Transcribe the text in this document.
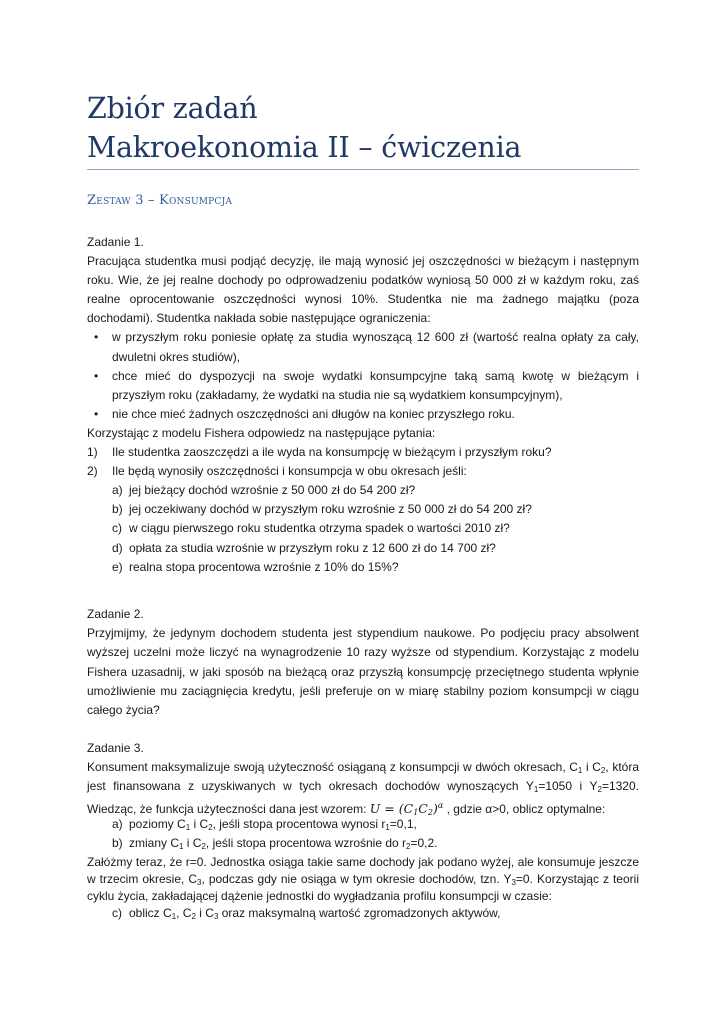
Zbiór zadań
Makroekonomia II – ćwiczenia
Zestaw 3 – Konsumpcja
Zadanie 1.
Pracująca studentka musi podjąć decyzję, ile mają wynosić jej oszczędności w bieżącym i następnym
roku. Wie, że jej realne dochody po odprowadzeniu podatków wyniosą 50 000 zł w każdym roku, zaś
realne oprocentowanie oszczędności wynosi 10%. Studentka nie ma żadnego majątku (poza
dochodami). Studentka nakłada sobie następujące ograniczenia:
• w przyszłym roku poniesie opłatę za studia wynoszącą 12 600 zł (wartość realna opłaty za cały,
dwuletni okres studiów),
• chce mieć do dyspozycji na swoje wydatki konsumpcyjne taką samą kwotę w bieżącym i
przyszłym roku (zakładamy, że wydatki na studia nie są wydatkiem konsumpcyjnym),
• nie chce mieć żadnych oszczędności ani długów na koniec przyszłego roku.
Korzystając z modelu Fishera odpowiedz na następujące pytania:
1) Ile studentka zaoszczędzi a ile wyda na konsumpcję w bieżącym i przyszłym roku?
2) Ile będą wynosiły oszczędności i konsumpcja w obu okresach jeśli:
a) jej bieżący dochód wzrośnie z 50 000 zł do 54 200 zł?
b) jej oczekiwany dochód w przyszłym roku wzrośnie z 50 000 zł do 54 200 zł?
c) w ciągu pierwszego roku studentka otrzyma spadek o wartości 2010 zł?
d) opłata za studia wzrośnie w przyszłym roku z 12 600 zł do 14 700 zł?
e) realna stopa procentowa wzrośnie z 10% do 15%?
Zadanie 2.
Przyjmijmy, że jedynym dochodem studenta jest stypendium naukowe. Po podjęciu pracy absolwent
wyższej uczelni może liczyć na wynagrodzenie 10 razy wyższe od stypendium. Korzystając z modelu
Fishera uzasadnij, w jaki sposób na bieżącą oraz przyszłą konsumpcję przeciętnego studenta wpłynie
umożliwienie mu zaciągnięcia kredytu, jeśli preferuje on w miarę stabilny poziom konsumpcji w ciągu
całego życia?
Zadanie 3.
Konsument maksymalizuje swoją użyteczność osiąganą z konsumpcji w dwóch okresach, $C_1$ i $C_2$, która
jest finansowana z uzyskiwanych w tych okresach dochodów wynoszących $Y_1=1050$ i $Y_2=1320$.
Wiedząc, że funkcja użyteczności dana jest wzorem: $U = (C_1C_2)^\alpha$ , gdzie α>0, oblicz optymalne:
a) poziomy $C_1$ i $C_2$, jeśli stopa procentowa wynosi $r_1=0,1$,
b) zmiany $C_1$ i $C_2$, jeśli stopa procentowa wzrośnie do $r_2=0,2$.
Załóżmy teraz, że r=0. Jednostka osiąga takie same dochody jak podano wyżej, ale konsumuje jeszcze
w trzecim okresie, $C_3$, podczas gdy nie osiąga w tym okresie dochodów, tzn. $Y_3=0$. Korzystając z teorii
cyklu życia, zakładającej dążenie jednostki do wygładzania profilu konsumpcji w czasie:
c) oblicz $C_1$, $C_2$ i $C_3$ oraz maksymalną wartość zgromadzonych aktywów,
